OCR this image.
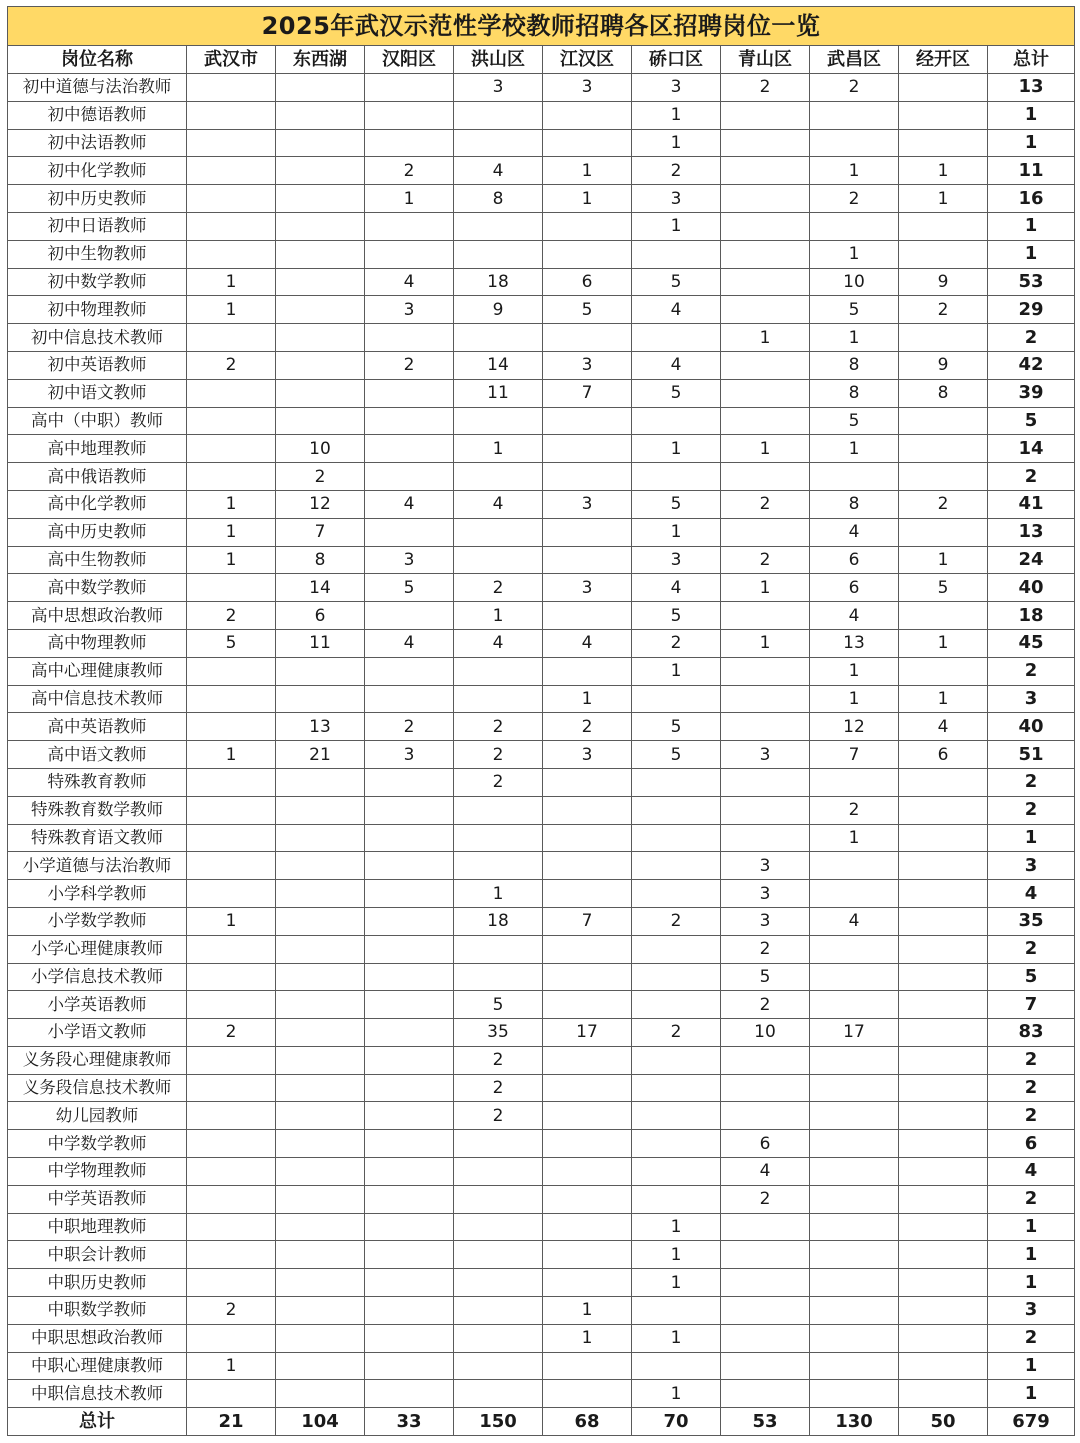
2025年武汉示范性学校教师招聘各区招聘岗位一览										
岗位名称	武汉市	东西湖	汉阳区	洪山区	江汉区	硚口区	青山区	武昌区	经开区	总计
初中道德与法治教师				3	3	3	2	2		13
初中德语教师						1				1
初中法语教师						1				1
初中化学教师			2	4	1	2		1	1	11
初中历史教师			1	8	1	3		2	1	16
初中日语教师						1				1
初中生物教师								1		1
初中数学教师	1		4	18	6	5		10	9	53
初中物理教师	1		3	9	5	4		5	2	29
初中信息技术教师							1	1		2
初中英语教师	2		2	14	3	4		8	9	42
初中语文教师				11	7	5		8	8	39
高中（中职）教师								5		5
高中地理教师		10		1		1	1	1		14
高中俄语教师		2								2
高中化学教师	1	12	4	4	3	5	2	8	2	41
高中历史教师	1	7				1		4		13
高中生物教师	1	8	3			3	2	6	1	24
高中数学教师		14	5	2	3	4	1	6	5	40
高中思想政治教师	2	6		1		5		4		18
高中物理教师	5	11	4	4	4	2	1	13	1	45
高中心理健康教师						1		1		2
高中信息技术教师					1			1	1	3
高中英语教师		13	2	2	2	5		12	4	40
高中语文教师	1	21	3	2	3	5	3	7	6	51
特殊教育教师				2						2
特殊教育数学教师								2		2
特殊教育语文教师								1		1
小学道德与法治教师							3			3
小学科学教师				1			3			4
小学数学教师	1			18	7	2	3	4		35
小学心理健康教师							2			2
小学信息技术教师							5			5
小学英语教师				5			2			7
小学语文教师	2			35	17	2	10	17		83
义务段心理健康教师				2						2
义务段信息技术教师				2						2
幼儿园教师				2						2
中学数学教师							6			6
中学物理教师							4			4
中学英语教师							2			2
中职地理教师						1				1
中职会计教师						1				1
中职历史教师						1				1
中职数学教师	2				1					3
中职思想政治教师					1	1				2
中职心理健康教师	1									1
中职信息技术教师						1				1
总计	21	104	33	150	68	70	53	130	50	679
